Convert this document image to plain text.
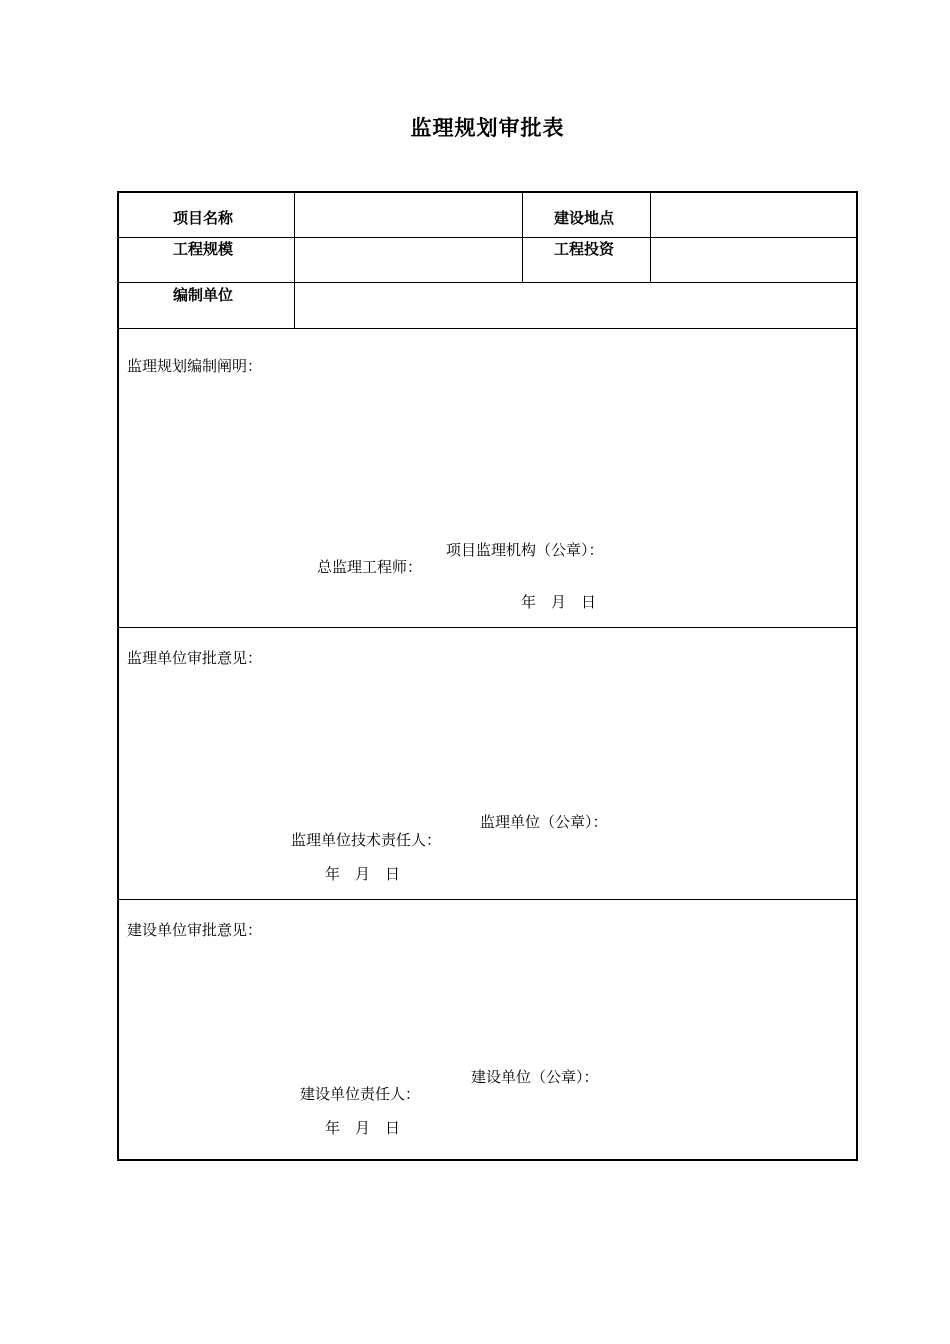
监理规划审批表
项目名称	建设地点
工程规模	工程投资
编制单位
监理规划编制阐明：
项目监理机构（公章）：
总监理工程师：
年　月　日
监理单位审批意见：
监理单位（公章）：
监理单位技术责任人：
年　月　日
建设单位审批意见：
建设单位（公章）：
建设单位责任人：
年　月　日
